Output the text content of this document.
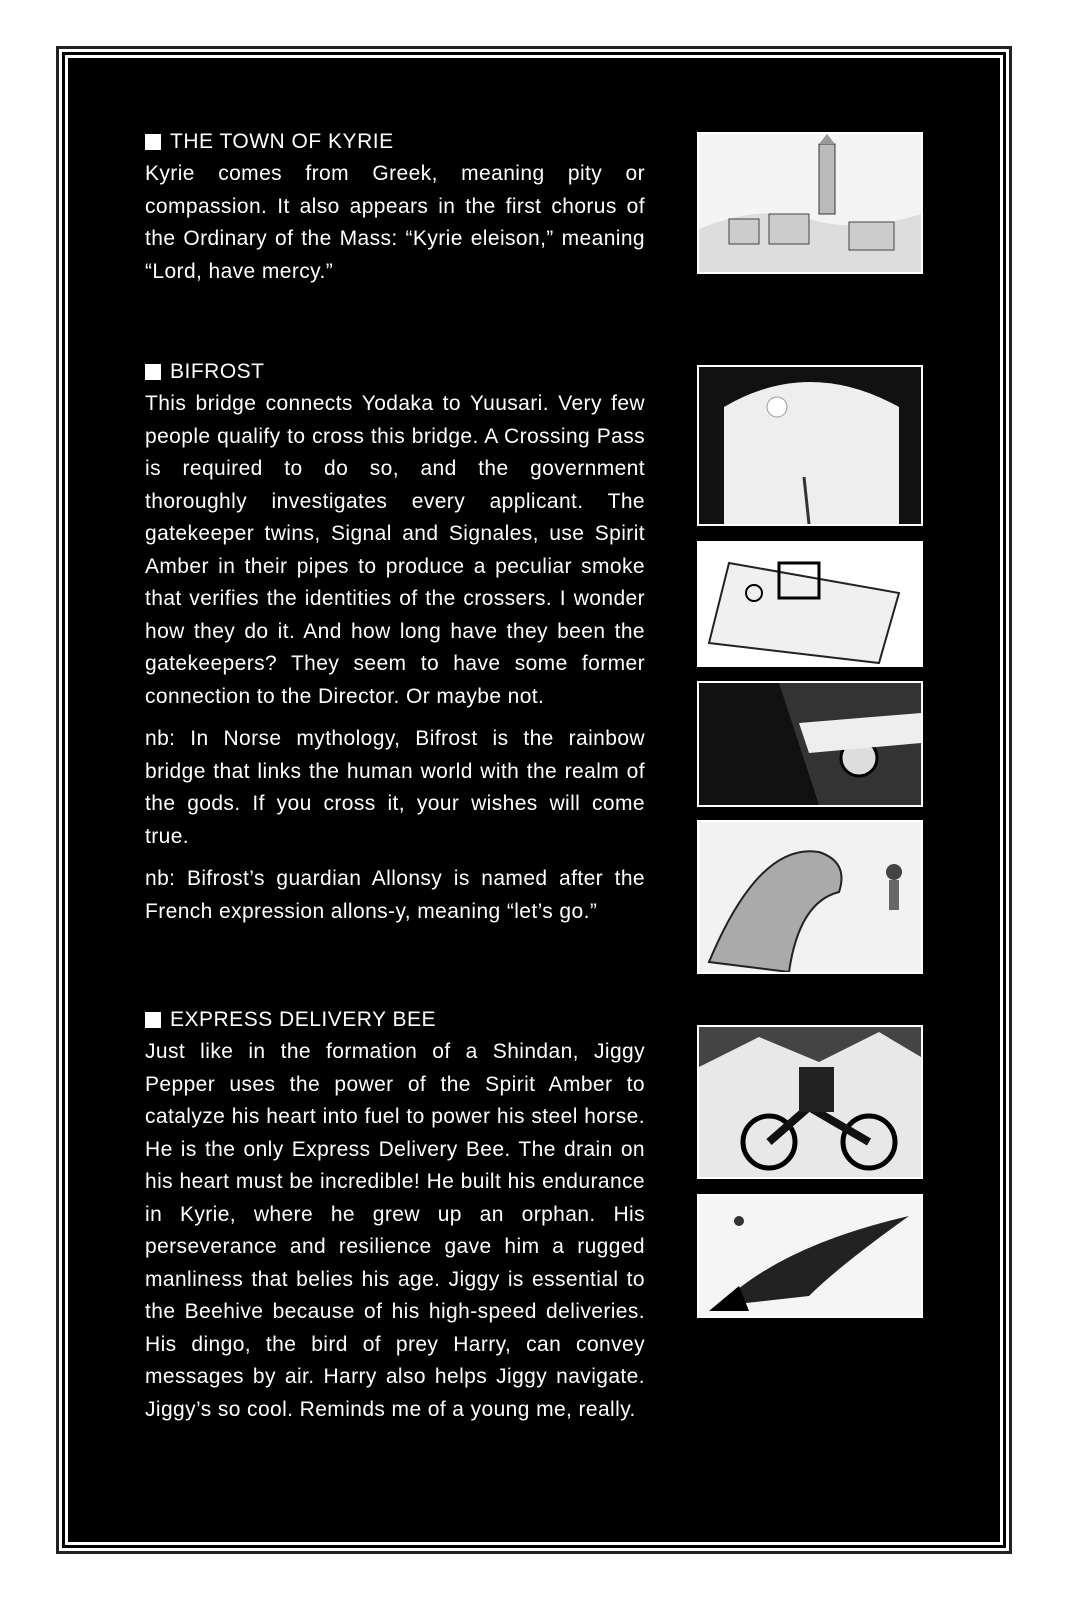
THE TOWN OF KYRIE

Kyrie comes from Greek, meaning pity or compassion. It also appears in the first chorus of the Ordinary of the Mass: “Kyrie eleison,” meaning “Lord, have mercy.”

BIFROST

This bridge connects Yodaka to Yuusari. Very few people qualify to cross this bridge. A Crossing Pass is required to do so, and the government thoroughly investigates every applicant. The gatekeeper twins, Signal and Signales, use Spirit Amber in their pipes to produce a peculiar smoke that verifies the identities of the crossers. I wonder how they do it. And how long have they been the gatekeepers? They seem to have some former connection to the Director. Or maybe not.

nb: In Norse mythology, Bifrost is the rainbow bridge that links the human world with the realm of the gods. If you cross it, your wishes will come true.

nb: Bifrost’s guardian Allonsy is named after the French expression allons-y, meaning “let’s go.”

EXPRESS DELIVERY BEE

Just like in the formation of a Shindan, Jiggy Pepper uses the power of the Spirit Amber to catalyze his heart into fuel to power his steel horse. He is the only Express Delivery Bee. The drain on his heart must be incredible! He built his endurance in Kyrie, where he grew up an orphan. His perseverance and resilience gave him a rugged manliness that belies his age. Jiggy is essential to the Beehive because of his high-speed deliveries. His dingo, the bird of prey Harry, can convey messages by air. Harry also helps Jiggy navigate. Jiggy’s so cool. Reminds me of a young me, really.
